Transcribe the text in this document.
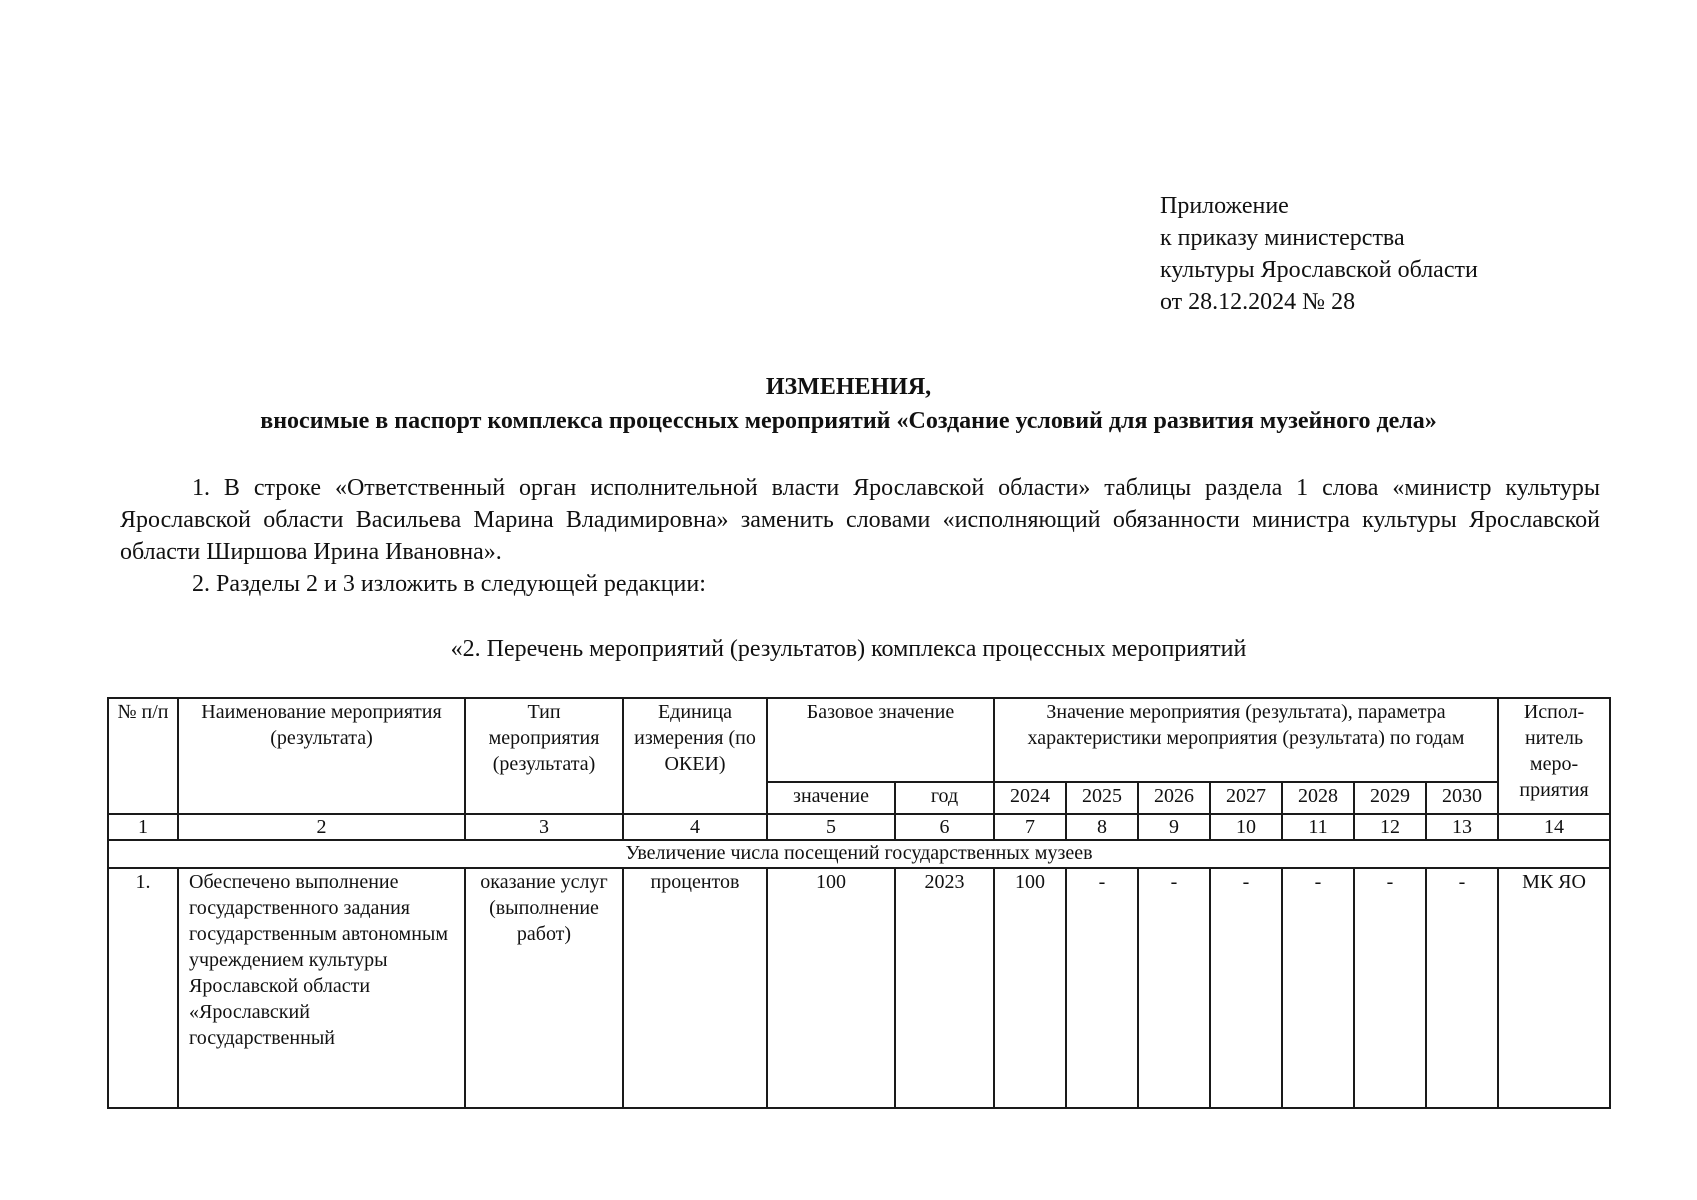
Приложение
к приказу министерства
культуры Ярославской области
от 28.12.2024 № 28
ИЗМЕНЕНИЯ,
вносимые в паспорт комплекса процессных мероприятий «Создание условий для развития музейного дела»
1. В строке «Ответственный орган исполнительной власти Ярославской области» таблицы раздела 1 слова «министр культуры Ярославской области Васильева Марина Владимировна» заменить словами «исполняющий обязанности министра культуры Ярославской области Ширшова Ирина Ивановна».
2. Разделы 2 и 3 изложить в следующей редакции:
«2. Перечень мероприятий (результатов) комплекса процессных мероприятий
№ п/п	Наименование мероприятия (результата)	Тип мероприятия (результата)	Единица измерения (по ОКЕИ)	Базовое значение		Значение мероприятия (результата), параметра характеристики мероприятия (результата) по годам							Испол-нитель меро-приятия
				значение	год	2024	2025	2026	2027	2028	2029	2030	
1	2	3	4	5	6	7	8	9	10	11	12	13	14
Увеличение числа посещений государственных музеев													
1.	Обеспечено выполнение государственного задания государственным автономным учреждением культуры Ярославской области «Ярославский государственный	оказание услуг (выполнение работ)	процентов	100	2023	100	-	-	-	-	-	-	МК ЯО
